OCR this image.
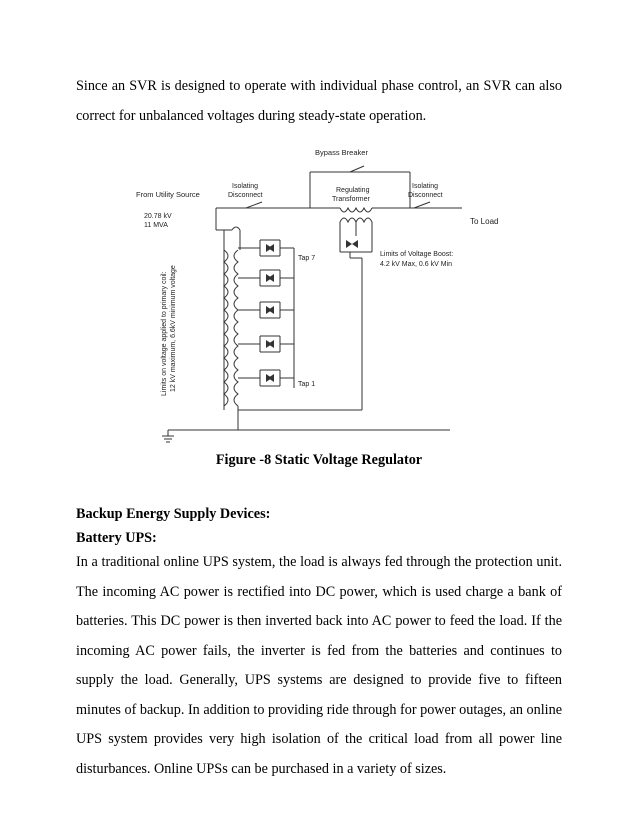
Since an SVR is designed to operate with individual phase control, an SVR can also correct for unbalanced voltages during steady-state operation.

Bypass Breaker
Isolating
Disconnect
From Utility Source	Regulating
Transformer
Isolating
Disconnect
To Load
20.78 kV
11 MVA
Tap 7
Tap 1
Limits of Voltage Boost:
4.2 kV Max, 0.6 kV Min
Limits on voltage applied to primary coil: 12 kV maximum, 6.6kV minimum voltage
Figure -8 Static Voltage Regulator
Backup Energy Supply Devices:
Battery UPS:

In a traditional online UPS system, the load is always fed through the protection unit. The incoming AC power is rectified into DC power, which is used charge a bank of batteries. This DC power is then inverted back into AC power to feed the load. If the incoming AC power fails, the inverter is fed from the batteries and continues to supply the load. Generally, UPS systems are designed to provide five to fifteen minutes of backup. In addition to providing ride through for power outages, an online UPS system provides very high isolation of the critical load from all power line disturbances. Online UPSs can be purchased in a variety of sizes.
